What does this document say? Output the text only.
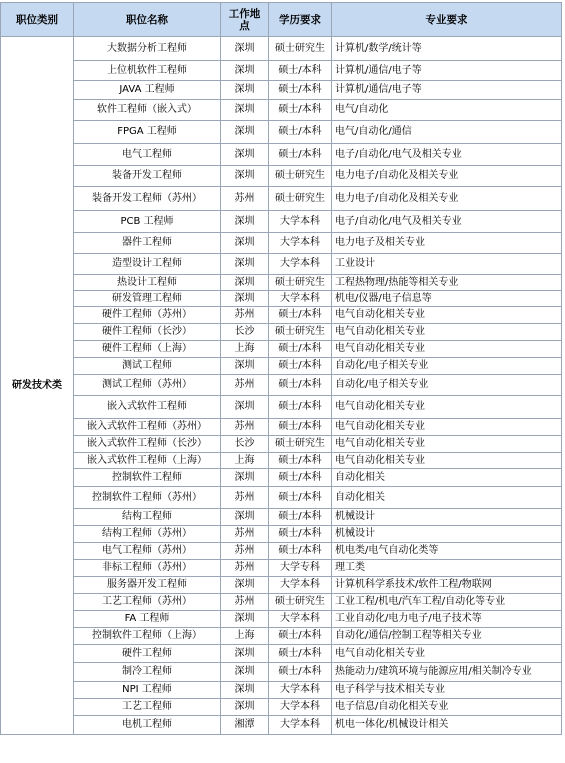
职位类别	职位名称	工作地点	学历要求	专业要求
研发技术类	大数据分析工程师	深圳	硕士研究生	计算机/数学/统计等
	上位机软件工程师	深圳	硕士/本科	计算机/通信/电子等
	JAVA 工程师	深圳	硕士/本科	计算机/通信/电子等
	软件工程师（嵌入式）	深圳	硕士/本科	电气/自动化
	FPGA 工程师	深圳	硕士/本科	电气/自动化/通信
	电气工程师	深圳	硕士/本科	电子/自动化/电气及相关专业
	装备开发工程师	深圳	硕士研究生	电力电子/自动化及相关专业
	装备开发工程师（苏州）	苏州	硕士研究生	电力电子/自动化及相关专业
	PCB 工程师	深圳	大学本科	电子/自动化/电气及相关专业
	器件工程师	深圳	大学本科	电力电子及相关专业
	造型设计工程师	深圳	大学本科	工业设计
	热设计工程师	深圳	硕士研究生	工程热物理/热能等相关专业
	研发管理工程师	深圳	大学本科	机电/仪器/电子信息等
	硬件工程师（苏州）	苏州	硕士/本科	电气自动化相关专业
	硬件工程师（长沙）	长沙	硕士研究生	电气自动化相关专业
	硬件工程师（上海）	上海	硕士/本科	电气自动化相关专业
	测试工程师	深圳	硕士/本科	自动化/电子相关专业
	测试工程师（苏州）	苏州	硕士/本科	自动化/电子相关专业
	嵌入式软件工程师	深圳	硕士/本科	电气自动化相关专业
	嵌入式软件工程师（苏州）	苏州	硕士/本科	电气自动化相关专业
	嵌入式软件工程师（长沙）	长沙	硕士研究生	电气自动化相关专业
	嵌入式软件工程师（上海）	上海	硕士/本科	电气自动化相关专业
	控制软件工程师	深圳	硕士/本科	自动化相关
	控制软件工程师（苏州）	苏州	硕士/本科	自动化相关
	结构工程师	深圳	硕士/本科	机械设计
	结构工程师（苏州）	苏州	硕士/本科	机械设计
	电气工程师（苏州）	苏州	硕士/本科	机电类/电气自动化类等
	非标工程师（苏州）	苏州	大学专科	理工类
	服务器开发工程师	深圳	大学本科	计算机科学系技术/软件工程/物联网
	工艺工程师（苏州）	苏州	硕士研究生	工业工程/机电/汽车工程/自动化等专业
	FA 工程师	深圳	大学本科	工业自动化/电力电子/电子技术等
	控制软件工程师（上海）	上海	硕士/本科	自动化/通信/控制工程等相关专业
	硬件工程师	深圳	硕士/本科	电气自动化相关专业
	制冷工程师	深圳	硕士/本科	热能动力/建筑环境与能源应用/相关制冷专业
	NPI 工程师	深圳	大学本科	电子科学与技术相关专业
	工艺工程师	深圳	大学本科	电子信息/自动化相关专业
	电机工程师	湘潭	大学本科	机电一体化/机械设计相关
